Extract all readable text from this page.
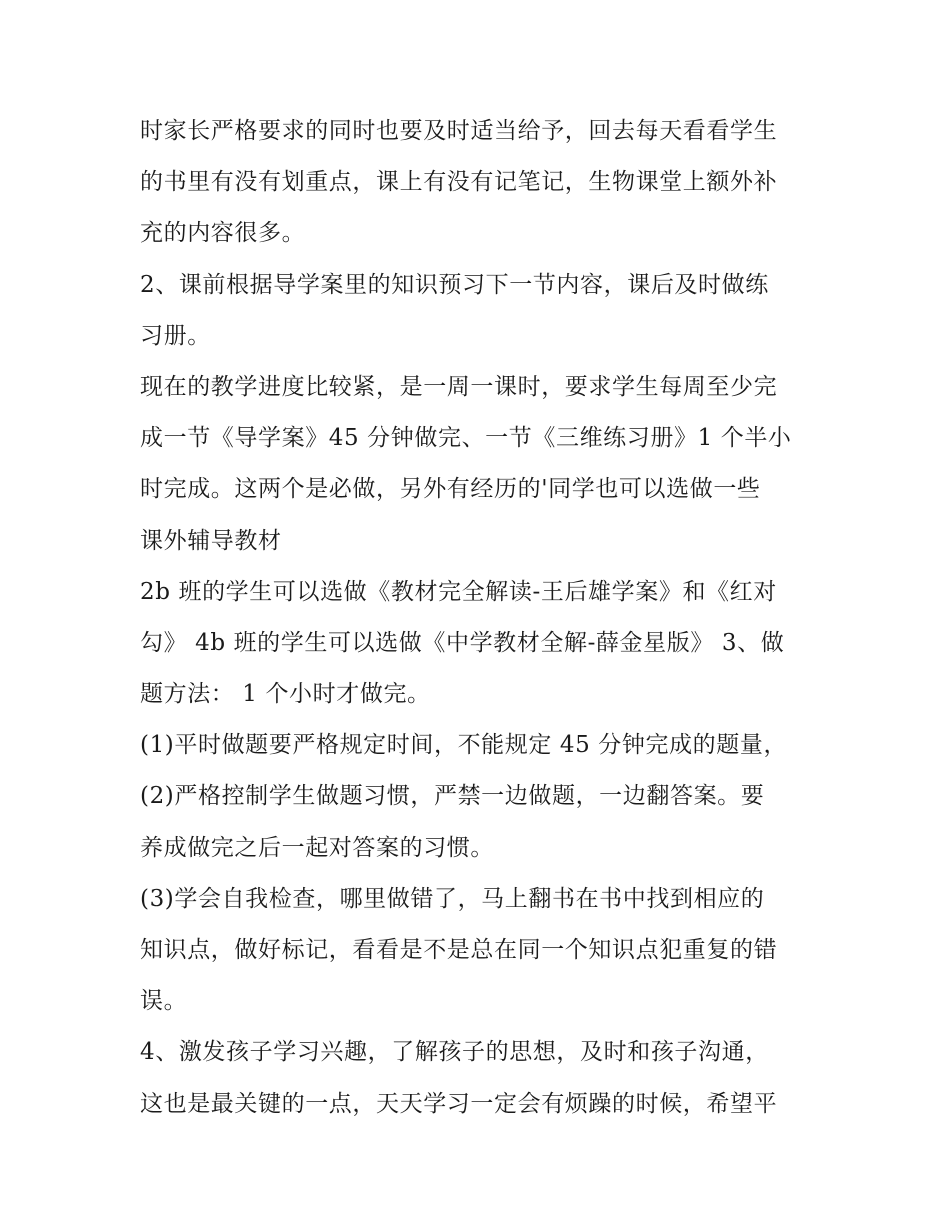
时家长严格要求的同时也要及时适当给予，回去每天看看学生
的书里有没有划重点，课上有没有记笔记，生物课堂上额外补
充的内容很多。
2、课前根据导学案里的知识预习下一节内容，课后及时做练
习册。
现在的教学进度比较紧，是一周一课时，要求学生每周至少完
成一节《导学案》45 分钟做完、一节《三维练习册》1 个半小
时完成。这两个是必做，另外有经历的'同学也可以选做一些
课外辅导教材
2b 班的学生可以选做《教材完全解读-王后雄学案》和《红对
勾》 4b 班的学生可以选做《中学教材全解-薛金星版》 3、做
题方法： 1 个小时才做完。
(1)平时做题要严格规定时间，不能规定 45 分钟完成的题量，
(2)严格控制学生做题习惯，严禁一边做题，一边翻答案。要
养成做完之后一起对答案的习惯。
(3)学会自我检查，哪里做错了，马上翻书在书中找到相应的
知识点，做好标记，看看是不是总在同一个知识点犯重复的错
误。
4、激发孩子学习兴趣，了解孩子的思想，及时和孩子沟通，
这也是最关键的一点，天天学习一定会有烦躁的时候，希望平
